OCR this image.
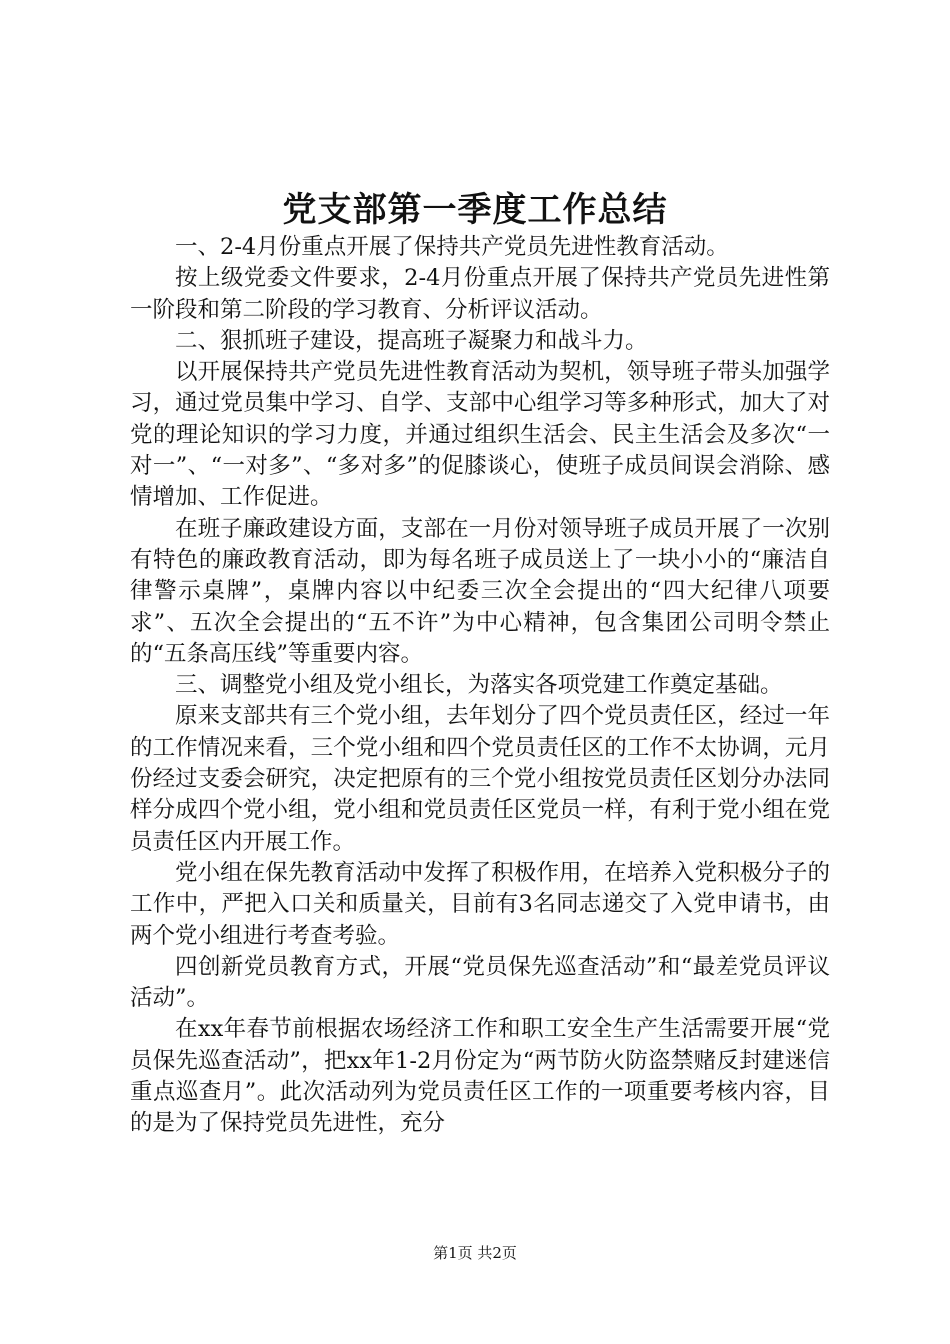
党支部第一季度工作总结

一、2-4月份重点开展了保持共产党员先进性教育活动。

按上级党委文件要求，2-4月份重点开展了保持共产党员先进性第一阶段和第二阶段的学习教育、分析评议活动。

二、狠抓班子建设，提高班子凝聚力和战斗力。

以开展保持共产党员先进性教育活动为契机，领导班子带头加强学习，通过党员集中学习、自学、支部中心组学习等多种形式，加大了对党的理论知识的学习力度，并通过组织生活会、民主生活会及多次“一对一”、“一对多”、“多对多”的促膝谈心，使班子成员间误会消除、感情增加、工作促进。

在班子廉政建设方面，支部在一月份对领导班子成员开展了一次别有特色的廉政教育活动，即为每名班子成员送上了一块小小的“廉洁自律警示桌牌”，桌牌内容以中纪委三次全会提出的“四大纪律八项要求”、五次全会提出的“五不许”为中心精神，包含集团公司明令禁止的“五条高压线”等重要内容。

三、调整党小组及党小组长，为落实各项党建工作奠定基础。

原来支部共有三个党小组，去年划分了四个党员责任区，经过一年的工作情况来看，三个党小组和四个党员责任区的工作不太协调，元月份经过支委会研究，决定把原有的三个党小组按党员责任区划分办法同样分成四个党小组，党小组和党员责任区党员一样，有利于党小组在党员责任区内开展工作。

党小组在保先教育活动中发挥了积极作用，在培养入党积极分子的工作中，严把入口关和质量关，目前有3名同志递交了入党申请书，由两个党小组进行考查考验。

四创新党员教育方式，开展“党员保先巡查活动”和“最差党员评议活动”。

在xx年春节前根据农场经济工作和职工安全生产生活需要开展“党员保先巡查活动”，把xx年1-2月份定为“两节防火防盗禁赌反封建迷信重点巡查月”。此次活动列为党员责任区工作的一项重要考核内容，目的是为了保持党员先进性，充分

第1页 共2页
